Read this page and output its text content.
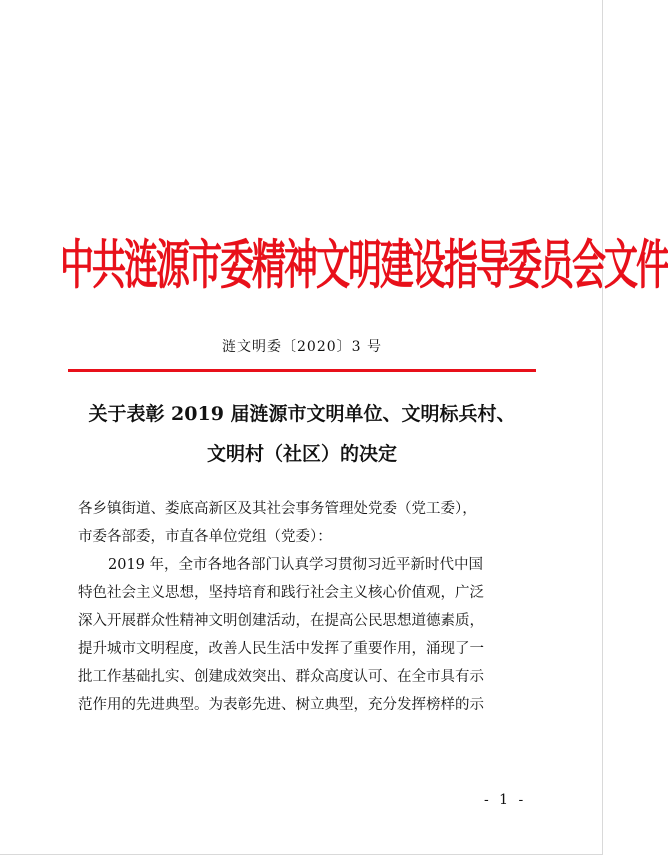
中共涟源市委精神文明建设指导委员会文件
涟文明委〔2020〕3 号
关于表彰 2019 届涟源市文明单位、文明标兵村、
文明村（社区）的决定
各乡镇街道、娄底高新区及其社会事务管理处党委（党工委），
市委各部委，市直各单位党组（党委）：
2019 年，全市各地各部门认真学习贯彻习近平新时代中国
特色社会主义思想，坚持培育和践行社会主义核心价值观，广泛
深入开展群众性精神文明创建活动，在提高公民思想道德素质，
提升城市文明程度，改善人民生活中发挥了重要作用，涌现了一
批工作基础扎实、创建成效突出、群众高度认可、在全市具有示
范作用的先进典型。为表彰先进、树立典型，充分发挥榜样的示
- 1 -
